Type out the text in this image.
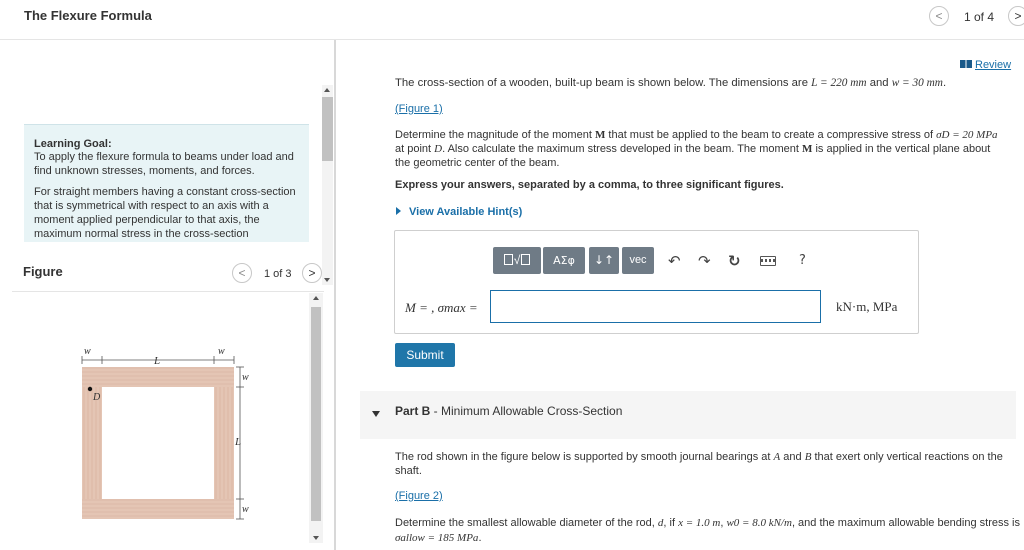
The Flexure Formula	<	1 of 4	>
Figure	1 of 3
Learning Goal:
To apply the flexure formula to beams under load and find unknown stresses, moments, and forces.
For straight members having a constant cross-section that is symmetrical with respect to an axis with a moment applied perpendicular to that axis, the maximum normal stress in the cross-section
<	>
w
L
w
w
L
w
D
Review
The cross-section of a wooden, built-up beam is shown below. The dimensions are L = 220 mm and w = 30 mm.
(Figure 1)
Determine the magnitude of the moment M that must be applied to the beam to create a compressive stress of σD = 20 MPa at point D. Also calculate the maximum stress developed in the beam. The moment M is applied in the vertical plane about the geometric center of the beam.
Express your answers, separated by a comma, to three significant figures.
View Available Hint(s)
√	ΑΣφ	↓↑	vec	↶ ↷ ↻	?
M = , σmax =	kN·m, MPa
Submit
Part B - Minimum Allowable Cross-Section
The rod shown in the figure below is supported by smooth journal bearings at A and B that exert only vertical reactions on the shaft.
(Figure 2)
Determine the smallest allowable diameter of the rod, d, if x = 1.0 m, w0 = 8.0 kN/m, and the maximum allowable bending stress is σallow = 185 MPa.
